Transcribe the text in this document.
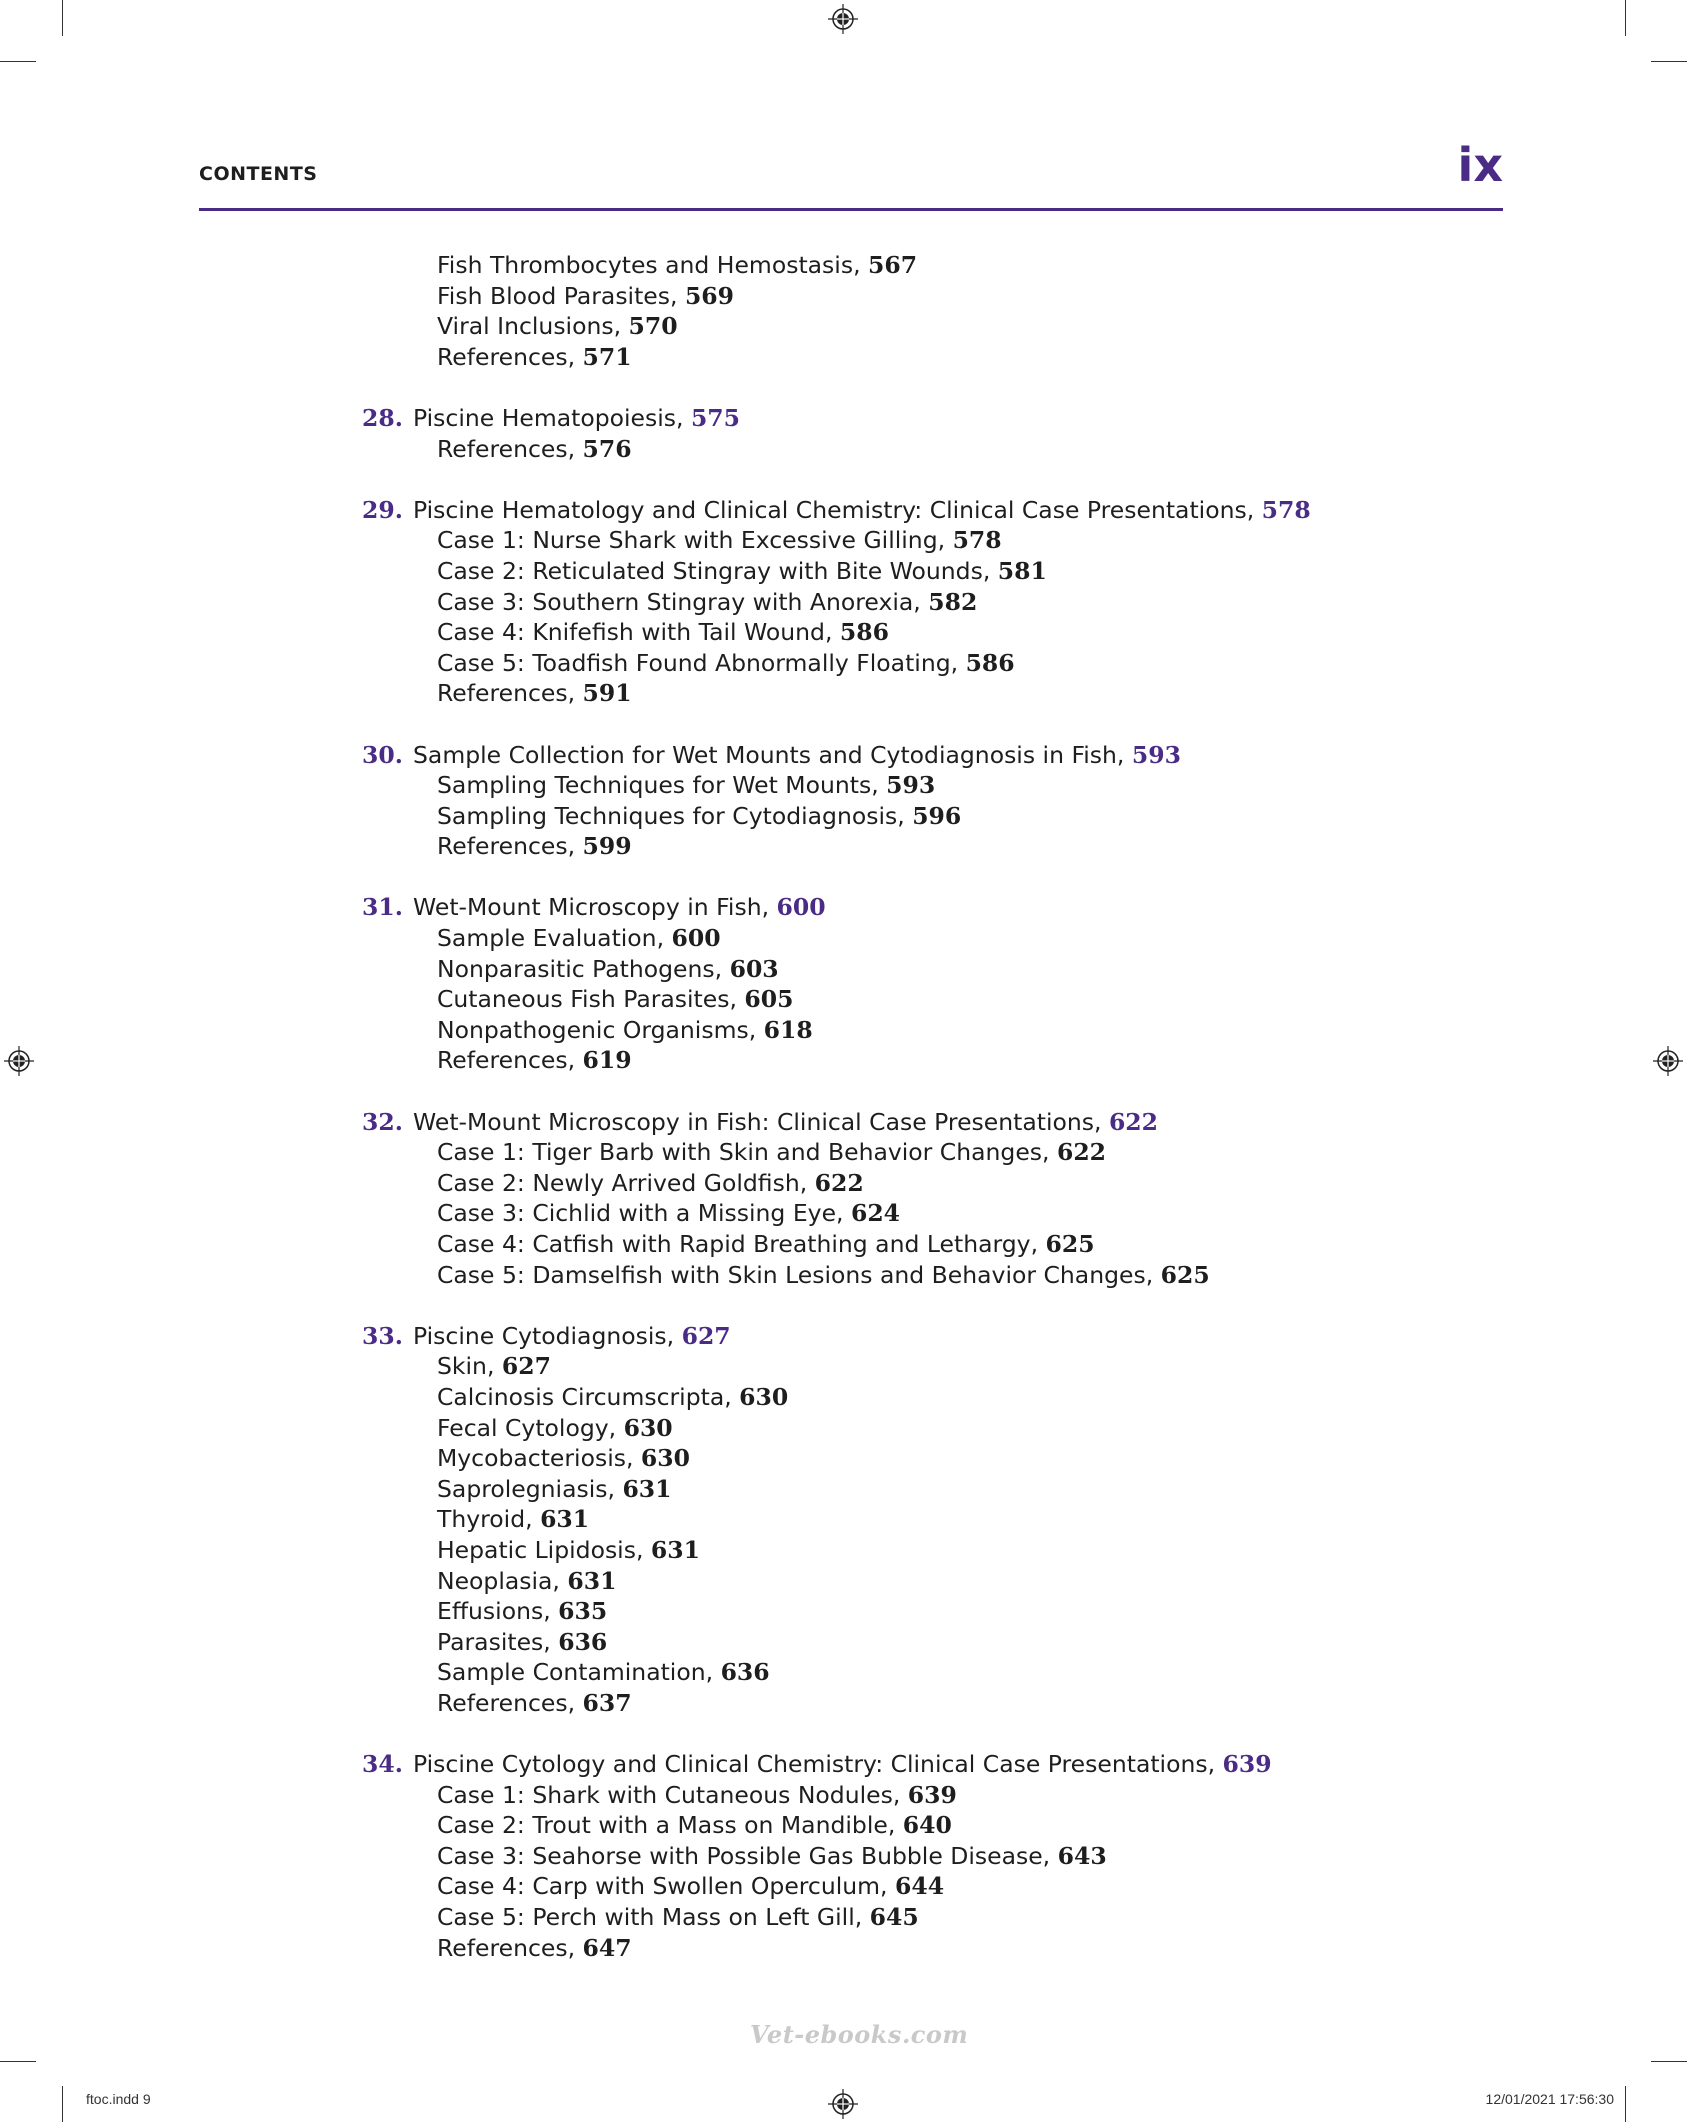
CONTENTS	ix
Fish Thrombocytes and Hemostasis, 567
Fish Blood Parasites, 569
Viral Inclusions, 570
References, 571
28. Piscine Hematopoiesis, 575
References, 576
29. Piscine Hematology and Clinical Chemistry: Clinical Case Presentations, 578
Case 1: Nurse Shark with Excessive Gilling, 578
Case 2: Reticulated Stingray with Bite Wounds, 581
Case 3: Southern Stingray with Anorexia, 582
Case 4: Knifefish with Tail Wound, 586
Case 5: Toadfish Found Abnormally Floating, 586
References, 591
30. Sample Collection for Wet Mounts and Cytodiagnosis in Fish, 593
Sampling Techniques for Wet Mounts, 593
Sampling Techniques for Cytodiagnosis, 596
References, 599
31. Wet-Mount Microscopy in Fish, 600
Sample Evaluation, 600
Nonparasitic Pathogens, 603
Cutaneous Fish Parasites, 605
Nonpathogenic Organisms, 618
References, 619
32. Wet-Mount Microscopy in Fish: Clinical Case Presentations, 622
Case 1: Tiger Barb with Skin and Behavior Changes, 622
Case 2: Newly Arrived Goldfish, 622
Case 3: Cichlid with a Missing Eye, 624
Case 4: Catfish with Rapid Breathing and Lethargy, 625
Case 5: Damselfish with Skin Lesions and Behavior Changes, 625
33. Piscine Cytodiagnosis, 627
Skin, 627
Calcinosis Circumscripta, 630
Fecal Cytology, 630
Mycobacteriosis, 630
Saprolegniasis, 631
Thyroid, 631
Hepatic Lipidosis, 631
Neoplasia, 631
Effusions, 635
Parasites, 636
Sample Contamination, 636
References, 637
34. Piscine Cytology and Clinical Chemistry: Clinical Case Presentations, 639
Case 1: Shark with Cutaneous Nodules, 639
Case 2: Trout with a Mass on Mandible, 640
Case 3: Seahorse with Possible Gas Bubble Disease, 643
Case 4: Carp with Swollen Operculum, 644
Case 5: Perch with Mass on Left Gill, 645
References, 647
Vet-ebooks.com
ftoc.indd 9	12/01/2021 17:56:30
